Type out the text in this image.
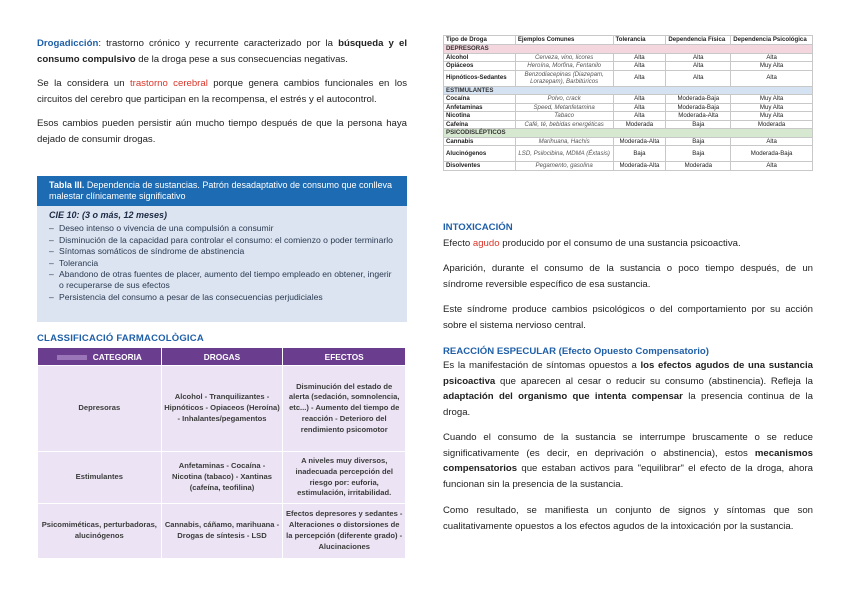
Drogadicción: trastorno crónico y recurrente caracterizado por la búsqueda y el consumo compulsivo de la droga pese a sus consecuencias negativas.

Se la considera un trastorno cerebral porque genera cambios funcionales en los circuitos del cerebro que participan en la recompensa, el estrés y el autocontrol.

Esos cambios pueden persistir aún mucho tiempo después de que la persona haya dejado de consumir drogas.

Tabla III. Dependencia de sustancias. Patrón desadaptativo de consumo que conlleva malestar clínicamente significativo
CIE 10: (3 o más, 12 meses)
– Deseo intenso o vivencia de una compulsión a consumir
– Disminución de la capacidad para controlar el consumo: el comienzo o poder terminarlo
– Síntomas somáticos de síndrome de abstinencia
– Tolerancia
– Abandono de otras fuentes de placer, aumento del tiempo empleado en obtener, ingerir o recuperarse de sus efectos
– Persistencia del consumo a pesar de las consecuencias perjudiciales
CLASSIFICACIÓ FARMACOLÒGICA
CATEGORIA	DROGAS	EFECTOS
Depresoras	Alcohol - Tranquilizantes - Hipnóticos - Opiaceos (Heroína) - Inhalantes/pegamentos	Disminución del estado de alerta (sedación, somnolencia, etc...) - Aumento del tiempo de reacción - Deterioro del rendimiento psicomotor
Estimulantes	Anfetaminas - Cocaína - Nicotina (tabaco) - Xantinas (cafeína, teofilina)	A niveles muy diversos, inadecuada percepción del riesgo por: euforia, estimulación, irritabilidad.
Psicomiméticas, perturbadoras, alucinógenos	Cannabis, cáñamo, marihuana - Drogas de síntesis - LSD	Efectos depresores y sedantes - Alteraciones o distorsiones de la percepción (diferente grado) - Alucinaciones
Tipo de Droga	Ejemplos Comunes	Tolerancia	Dependencia Física	Dependencia Psicológica
DEPRESORAS				
Alcohol	Cerveza, vino, licores	Alta	Alta	Alta
Opiáceos	Heroína, Morfina, Fentanilo	Alta	Alta	Muy Alta
Hipnóticos-Sedantes	Benzodiacepinas (Diazepam, Lorazepam), Barbitúricos	Alta	Alta	Alta
ESTIMULANTES				
Cocaína	Polvo, crack	Alta	Moderada-Baja	Muy Alta
Anfetaminas	Speed, Metanfetamina	Alta	Moderada-Baja	Muy Alta
Nicotina	Tabaco	Alta	Moderada-Alta	Muy Alta
Cafeína	Café, té, bebidas energéticas	Moderada	Baja	Moderada
PSICODISLÉPTICOS				
Cannabis	Marihuana, Hachís	Moderada-Alta	Baja	Alta
Alucinógenos	LSD, Psilocibina, MDMA (Éxtasis)	Baja	Baja	Moderada-Baja
Disolventes	Pegamento, gasolina	Moderada-Alta	Moderada	Alta
INTOXICACIÓN

Efecto agudo producido por el consumo de una sustancia psicoactiva.

Aparición, durante el consumo de la sustancia o poco tiempo después, de un síndrome reversible específico de esa sustancia.

Este síndrome produce cambios psicológicos o del comportamiento por su acción sobre el sistema nervioso central.

REACCIÓN ESPECULAR (Efecto Opuesto Compensatorio)

Es la manifestación de síntomas opuestos a los efectos agudos de una sustancia psicoactiva que aparecen al cesar o reducir su consumo (abstinencia). Refleja la adaptación del organismo que intenta compensar la presencia continua de la droga.

Cuando el consumo de la sustancia se interrumpe bruscamente o se reduce significativamente (es decir, en deprivación o abstinencia), estos mecanismos compensatorios que estaban activos para "equilibrar" el efecto de la droga, ahora funcionan sin la presencia de la sustancia.

Como resultado, se manifiesta un conjunto de signos y síntomas que son cualitativamente opuestos a los efectos agudos de la intoxicación por la sustancia.
